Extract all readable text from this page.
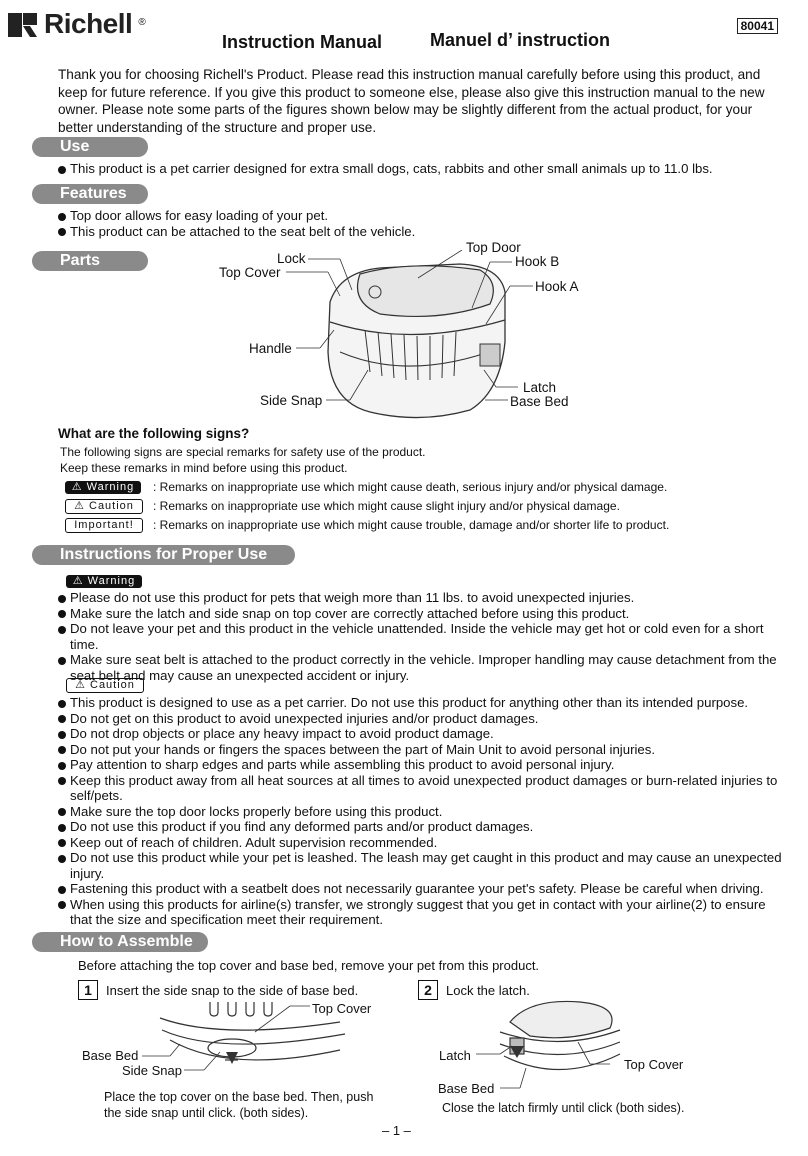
Richell ®	80041
Instruction Manual	Manuel d’ instruction
Thank you for choosing Richell's Product. Please read this instruction manual carefully before using this product, and keep for future reference. If you give this product to someone else, please also give this instruction manual to the new owner. Please note some parts of the figures shown below may be slightly different from the actual product, for your better understanding of the structure and proper use.
Use
This product is a pet carrier designed for extra small dogs, cats, rabbits and other small animals up to 11.0 lbs.
Features
Top door allows for easy loading of your pet.
This product can be attached to the seat belt of the vehicle.
Parts	Lock
Top Cover
Top Door
Hook B
Hook A
Handle
Latch
Side Snap	Base Bed
What are the following signs?
The following signs are special remarks for safety use of the product.
Keep these remarks in mind before using this product.
⚠ Warning	: Remarks on inappropriate use which might cause death, serious injury and/or physical damage.
⚠ Caution	: Remarks on inappropriate use which might cause slight injury and/or physical damage.
Important!	: Remarks on inappropriate use which might cause trouble, damage and/or shorter life to product.
Instructions for Proper Use
⚠ Warning
Please do not use this product for pets that weigh more than 11 lbs. to avoid unexpected injuries.
Make sure the latch and side snap on top cover are correctly attached before using this product.
Do not leave your pet and this product in the vehicle unattended. Inside the vehicle may get hot or cold even for a short time.
Make sure seat belt is attached to the product correctly in the vehicle. Improper handling may cause detachment from the seat belt and may cause an unexpected accident or injury.
⚠ Caution
This product is designed to use as a pet carrier. Do not use this product for anything other than its intended purpose.
Do not get on this product to avoid unexpected injuries and/or product damages.
Do not drop objects or place any heavy impact to avoid product damage.
Do not put your hands or fingers the spaces between the part of Main Unit to avoid personal injuries.
Pay attention to sharp edges and parts while assembling this product to avoid personal injury.
Keep this product away from all heat sources at all times to avoid unexpected product damages or burn-related injuries to self/pets.
Make sure the top door locks properly before using this product.
Do not use this product if you find any deformed parts and/or product damages.
Keep out of reach of children. Adult supervision recommended.
Do not use this product while your pet is leashed. The leash may get caught in this product and may cause an unexpected injury.
Fastening this product with a seatbelt does not necessarily guarantee your pet's safety. Please be careful when driving.
When using this products for airline(s) transfer, we strongly suggest that you get in contact with your airline(2) to ensure that the size and specification meet their requirement.
How to Assemble
Before attaching the top cover and base bed, remove your pet from this product.
1	Insert the side snap to the side of base bed.
Top Cover
Base Bed
Side Snap
Place the top cover on the base bed. Then, push the side snap until click. (both sides).
2	Lock the latch.
Latch
Top Cover
Base Bed
Close the latch firmly until click (both sides).
– 1 –
